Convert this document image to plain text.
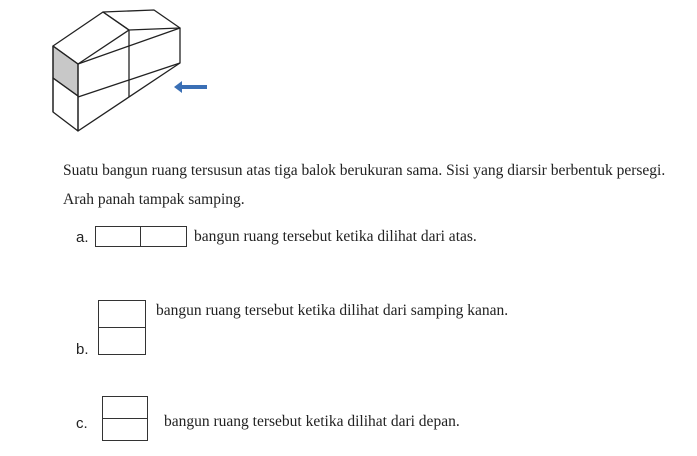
Suatu bangun ruang tersusun atas tiga balok berukuran sama. Sisi yang diarsir berbentuk persegi. Arah panah tampak samping.
a.	bangun ruang tersebut ketika dilihat dari atas.
bangun ruang tersebut ketika dilihat dari samping kanan.
b.
c.	bangun ruang tersebut ketika dilihat dari depan.
